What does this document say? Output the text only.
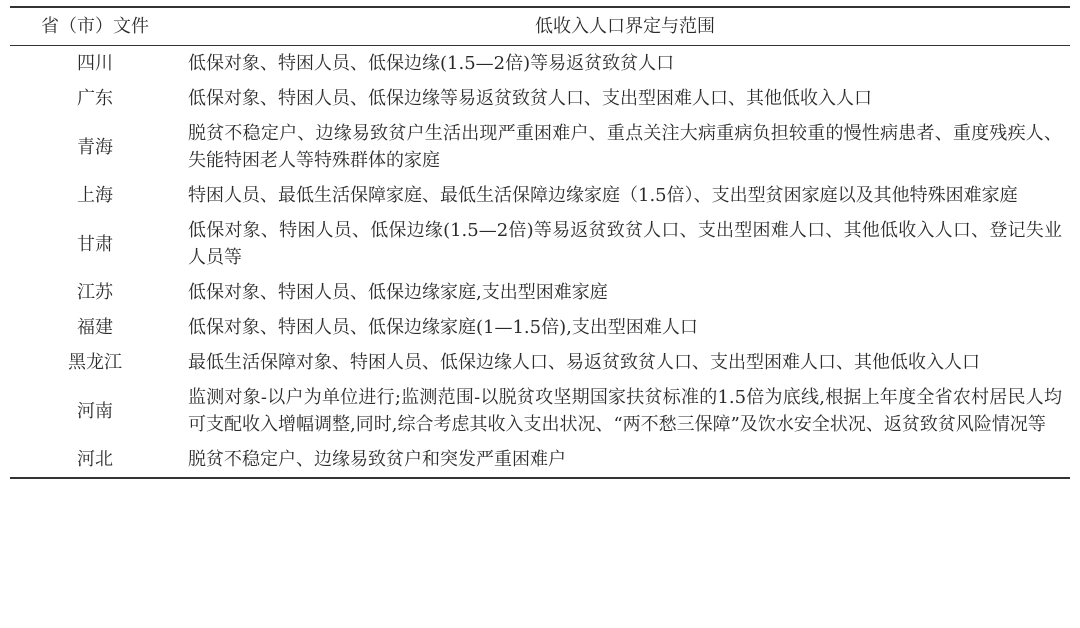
省（市）文件	低收入人口界定与范围
四川	低保对象、特困人员、低保边缘(1.5—2倍)等易返贫致贫人口
广东	低保对象、特困人员、低保边缘等易返贫致贫人口、支出型困难人口、其他低收入人口
青海	脱贫不稳定户、边缘易致贫户生活出现严重困难户、重点关注大病重病负担较重的慢性病患者、重度残疾人、失能特困老人等特殊群体的家庭
上海	特困人员、最低生活保障家庭、最低生活保障边缘家庭（1.5倍）、支出型贫困家庭以及其他特殊困难家庭
甘肃	低保对象、特困人员、低保边缘(1.5—2倍)等易返贫致贫人口、支出型困难人口、其他低收入人口、登记失业人员等
江苏	低保对象、特困人员、低保边缘家庭,支出型困难家庭
福建	低保对象、特困人员、低保边缘家庭(1—1.5倍),支出型困难人口
黑龙江	最低生活保障对象、特困人员、低保边缘人口、易返贫致贫人口、支出型困难人口、其他低收入人口
河南	监测对象-以户为单位进行;监测范围-以脱贫攻坚期国家扶贫标准的1.5倍为底线,根据上年度全省农村居民人均可支配收入增幅调整,同时,综合考虑其收入支出状况、“两不愁三保障”及饮水安全状况、返贫致贫风险情况等
河北	脱贫不稳定户、边缘易致贫户和突发严重困难户
